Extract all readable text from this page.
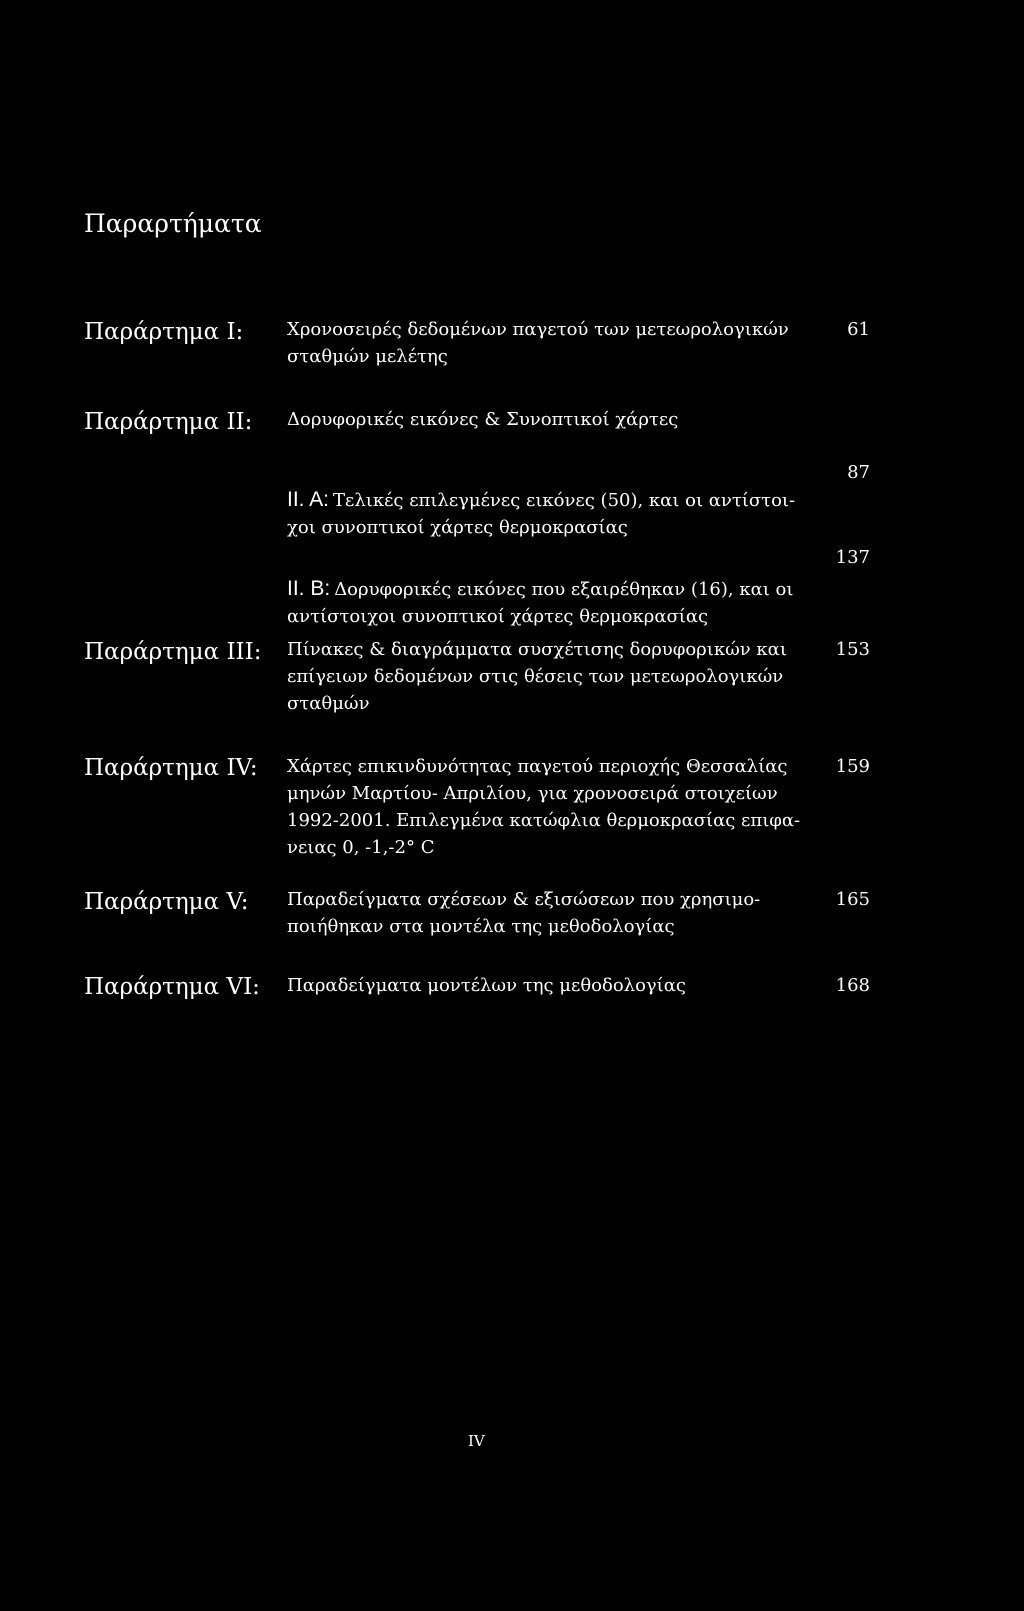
Παραρτήματα
Παράρτημα Ι: Χρονοσειρές δεδομένων παγετού των μετεωρολογικών
σταθμών μελέτης
61
Παράρτημα ΙΙ: Δορυφορικές εικόνες & Συνοπτικοί χάρτες

ΙΙ. Α: Τελικές επιλεγμένες εικόνες (50), και οι αντίστοι-
χοι συνοπτικοί χάρτες θερμοκρασίας

87

ΙΙ. Β: Δορυφορικές εικόνες που εξαιρέθηκαν (16), και οι
αντίστοιχοι συνοπτικοί χάρτες θερμοκρασίας

137
Παράρτημα ΙΙΙ: Πίνακες & διαγράμματα συσχέτισης δορυφορικών και
επίγειων δεδομένων στις θέσεις των μετεωρολογικών
σταθμών
153
Παράρτημα IV: Χάρτες επικινδυνότητας παγετού περιοχής Θεσσαλίας
μηνών Μαρτίου- Απριλίου, για χρονοσειρά στοιχείων
1992-2001. Επιλεγμένα κατώφλια θερμοκρασίας επιφα-
νειας 0, -1,-2° C
159
Παράρτημα V: Παραδείγματα σχέσεων & εξισώσεων που χρησιμο-
ποιήθηκαν στα μοντέλα της μεθοδολογίας
165
Παράρτημα VI: Παραδείγματα μοντέλων της μεθοδολογίας	168
IV
